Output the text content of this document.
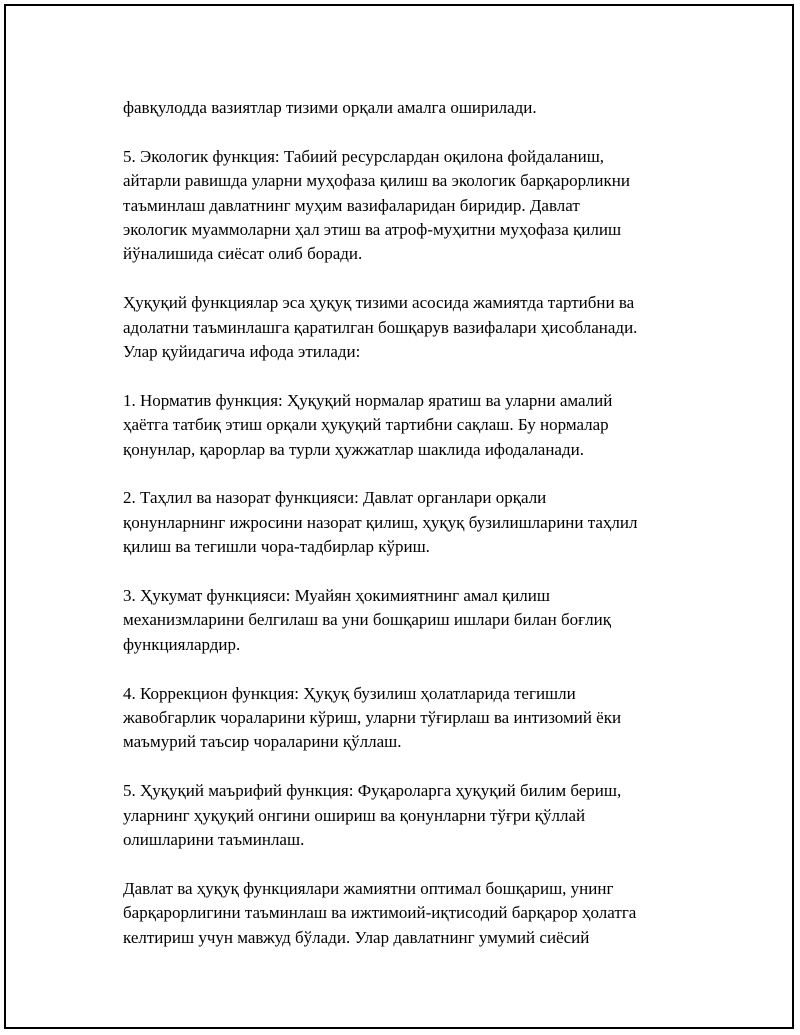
фавқулодда вазиятлар тизими орқали амалга оширилади.

5. Экологик функция: Табиий ресурслардан оқилона фойдаланиш,
айтарли равишда уларни муҳофаза қилиш ва экологик барқарорликни
таъминлаш давлатнинг муҳим вазифаларидан биридир. Давлат
экологик муаммоларни ҳал этиш ва атроф-муҳитни муҳофаза қилиш
йўналишида сиёсат олиб боради.

Ҳуқуқий функциялар эса ҳуқуқ тизими асосида жамиятда тартибни ва
адолатни таъминлашга қаратилган бошқарув вазифалари ҳисобланади.
Улар қуйидагича ифода этилади:

1. Норматив функция: Ҳуқуқий нормалар яратиш ва уларни амалий
ҳаётга татбиқ этиш орқали ҳуқуқий тартибни сақлаш. Бу нормалар
қонунлар, қарорлар ва турли ҳужжатлар шаклида ифодаланади.

2. Таҳлил ва назорат функцияси: Давлат органлари орқали
қонунларнинг ижросини назорат қилиш, ҳуқуқ бузилишларини таҳлил
қилиш ва тегишли чора-тадбирлар кўриш.

3. Ҳукумат функцияси: Муайян ҳокимиятнинг амал қилиш
механизмларини белгилаш ва уни бошқариш ишлари билан боғлиқ
функциялардир.

4. Коррекцион функция: Ҳуқуқ бузилиш ҳолатларида тегишли
жавобгарлик чораларини кўриш, уларни тўғирлаш ва интизомий ёки
маъмурий таъсир чораларини қўллаш.

5. Ҳуқуқий маърифий функция: Фуқароларга ҳуқуқий билим бериш,
уларнинг ҳуқуқий онгини ошириш ва қонунларни тўғри қўллай
олишларини таъминлаш.

Давлат ва ҳуқуқ функциялари жамиятни оптимал бошқариш, унинг
барқарорлигини таъминлаш ва ижтимоий-иқтисодий барқарор ҳолатга
келтириш учун мавжуд бўлади. Улар давлатнинг умумий сиёсий
